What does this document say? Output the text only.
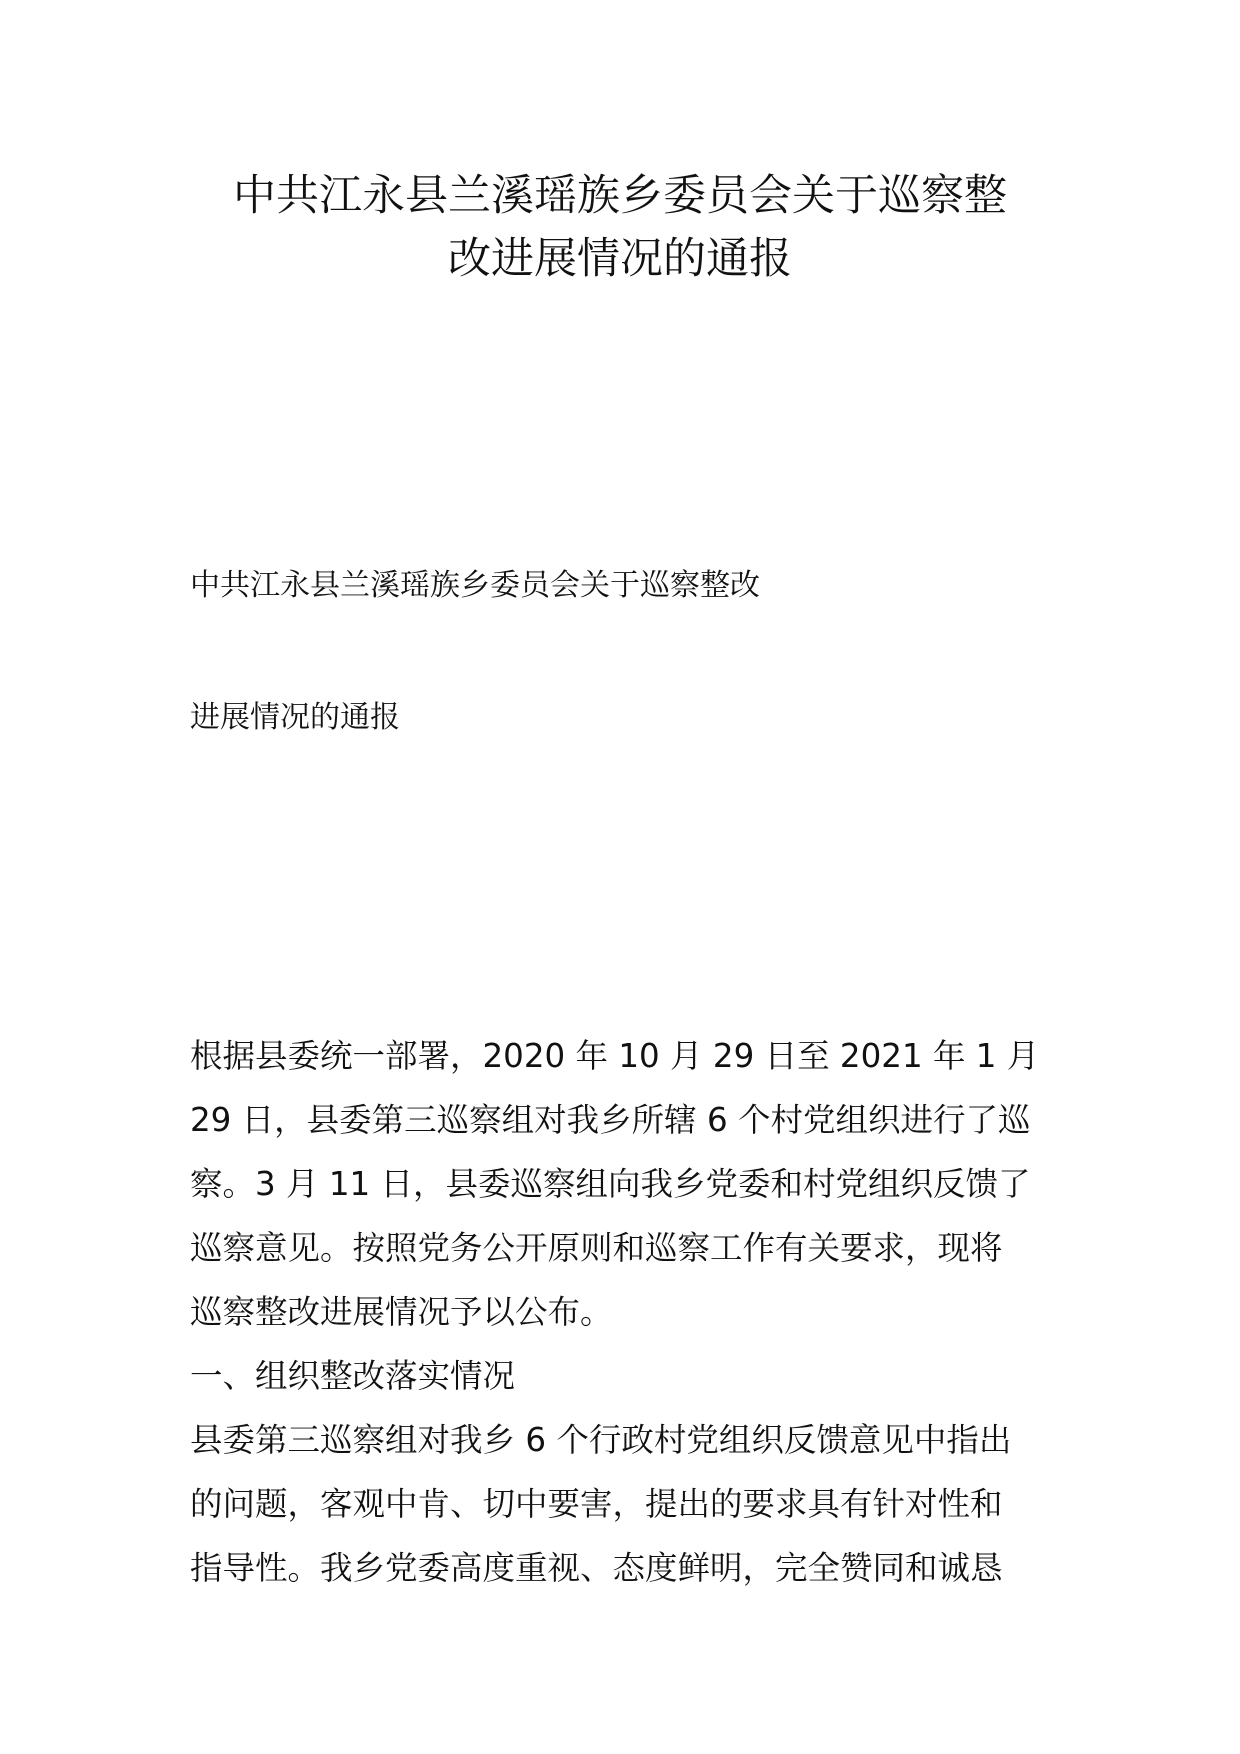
中共江永县兰溪瑶族乡委员会关于巡察整
改进展情况的通报

中共江永县兰溪瑶族乡委员会关于巡察整改

进展情况的通报

根据县委统一部署，2020 年 10 月 29 日至 2021 年 1 月

29 日，县委第三巡察组对我乡所辖 6 个村党组织进行了巡

察。3 月 11 日，县委巡察组向我乡党委和村党组织反馈了

巡察意见。按照党务公开原则和巡察工作有关要求，现将

巡察整改进展情况予以公布。

一、组织整改落实情况

县委第三巡察组对我乡 6 个行政村党组织反馈意见中指出

的问题，客观中肯、切中要害，提出的要求具有针对性和

指导性。我乡党委高度重视、态度鲜明，完全赞同和诚恳
